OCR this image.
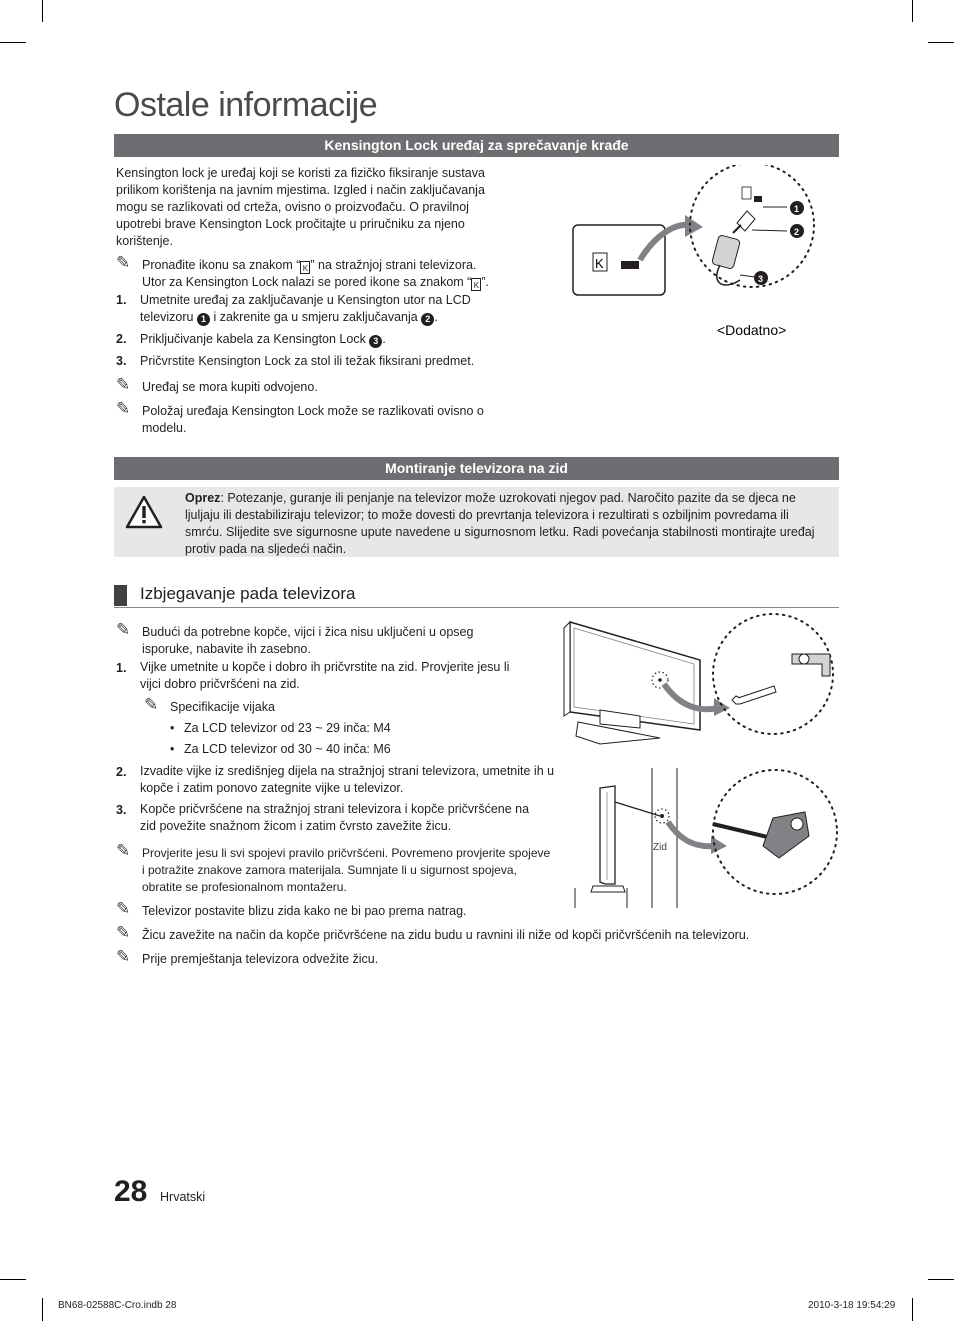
Ostale informacije
Kensington Lock uređaj za sprečavanje krađe
Kensington lock je uređaj koji se koristi za fizičko fiksiranje sustava
prilikom korištenja na javnim mjestima. Izgled i način zaključavanja
mogu se razlikovati od crteža, ovisno o proizvođaču. O pravilnoj
upotrebi brave Kensington Lock pročitajte u priručniku za njeno
korištenje.
✎ Pronađite ikonu sa znakom “ K ” na stražnjoj strani televizora.
Utor za Kensington Lock nalazi se pored ikone sa znakom “ K ”.
1. Umetnite uređaj za zaključavanje u Kensington utor na LCD
televizoru 1 i zakrenite ga u smjeru zaključavanja 2 .
2. Priključivanje kabela za Kensington Lock 3 .
3. Pričvrstite Kensington Lock za stol ili težak fiksirani predmet.
✎ Uređaj se mora kupiti odvojeno.
✎ Položaj uređaja Kensington Lock može se razlikovati ovisno o
modelu.
K
1
2
3
<Dodatno>
Montiranje televizora na zid
Oprez: Potezanje, guranje ili penjanje na televizor može uzrokovati njegov pad. Naročito pazite da se djeca ne
ljuljaju ili destabiliziraju televizor; to može dovesti do prevrtanja televizora i rezultirati s ozbiljnim povredama ili
smrću. Slijedite sve sigurnosne upute navedene u sigurnosnom letku. Radi povećanja stabilnosti montirajte uređaj
protiv pada na sljedeći način.
Izbjegavanje pada televizora
✎ Budući da potrebne kopče, vijci i žica nisu uključeni u opseg
isporuke, nabavite ih zasebno.
1. Vijke umetnite u kopče i dobro ih pričvrstite na zid. Provjerite jesu li
vijci dobro pričvršćeni na zid.
✎ Specifikacije vijaka
• Za LCD televizor od 23 ~ 29 inča: M4
• Za LCD televizor od 30 ~ 40 inča: M6
2. Izvadite vijke iz središnjeg dijela na stražnjoj strani televizora, umetnite ih u
kopče i zatim ponovo zategnite vijke u televizor.
3. Kopče pričvršćene na stražnjoj strani televizora i kopče pričvršćene na
zid povežite snažnom žicom i zatim čvrsto zavežite žicu.
✎ Provjerite jesu li svi spojevi pravilo pričvršćeni. Povremeno provjerite spojeve
i potražite znakove zamora materijala. Sumnjate li u sigurnost spojeva,
obratite se profesionalnom montažeru.
✎ Televizor postavite blizu zida kako ne bi pao prema natrag.
✎ Žicu zavežite na način da kopče pričvršćene na zidu budu u ravnini ili niže od kopči pričvršćenih na televizoru.
✎ Prije premještanja televizora odvežite žicu.
Zid
28 Hrvatski
BN68-02588C-Cro.indb 28	2010-3-18 19:54:29
